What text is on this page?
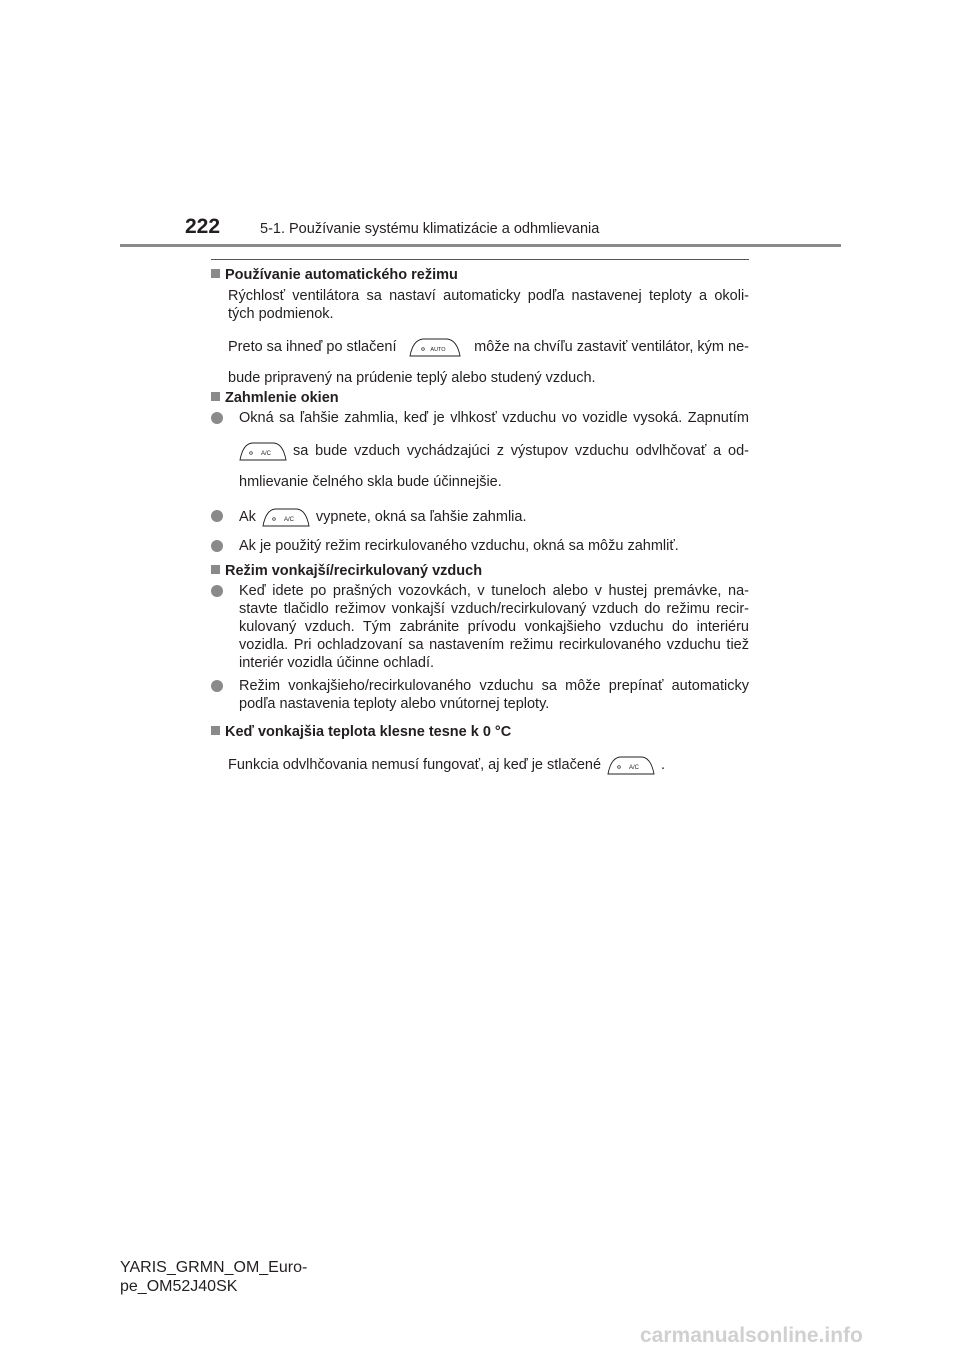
222	5-1. Používanie systému klimatizácie a odhmlievania
Používanie automatického režimu
Rýchlosť ventilátora sa nastaví automaticky podľa nastavenej teploty a okoli-
tých podmienok.
Preto sa ihneď po stlačení	AUTO môže na chvíľu zastaviť ventilátor, kým ne-
bude pripravený na prúdenie teplý alebo studený vzduch.
Zahmlenie okien
Okná sa ľahšie zahmlia, keď je vlhkosť vzduchu vo vozidle vysoká. Zapnutím
A/C sa bude vzduch vychádzajúci z výstupov vzduchu odvlhčovať a od-
hmlievanie čelného skla bude účinnejšie.
Ak	A/C vypnete, okná sa ľahšie zahmlia.
Ak je použitý režim recirkulovaného vzduchu, okná sa môžu zahmliť.
Režim vonkajší/recirkulovaný vzduch
Keď idete po prašných vozovkách, v tuneloch alebo v hustej premávke, na-
stavte tlačidlo režimov vonkajší vzduch/recirkulovaný vzduch do režimu recir-
kulovaný vzduch. Tým zabránite prívodu vonkajšieho vzduchu do interiéru
vozidla. Pri ochladzovaní sa nastavením režimu recirkulovaného vzduchu tiež
interiér vozidla účinne ochladí.
Režim vonkajšieho/recirkulovaného vzduchu sa môže prepínať automaticky
podľa nastavenia teploty alebo vnútornej teploty.
Keď vonkajšia teplota klesne tesne k 0 °C
Funkcia odvlhčovania nemusí fungovať, aj keď je stlačené	A/C .
YARIS_GRMN_OM_Euro-
pe_OM52J40SK
carmanualsonline.info
